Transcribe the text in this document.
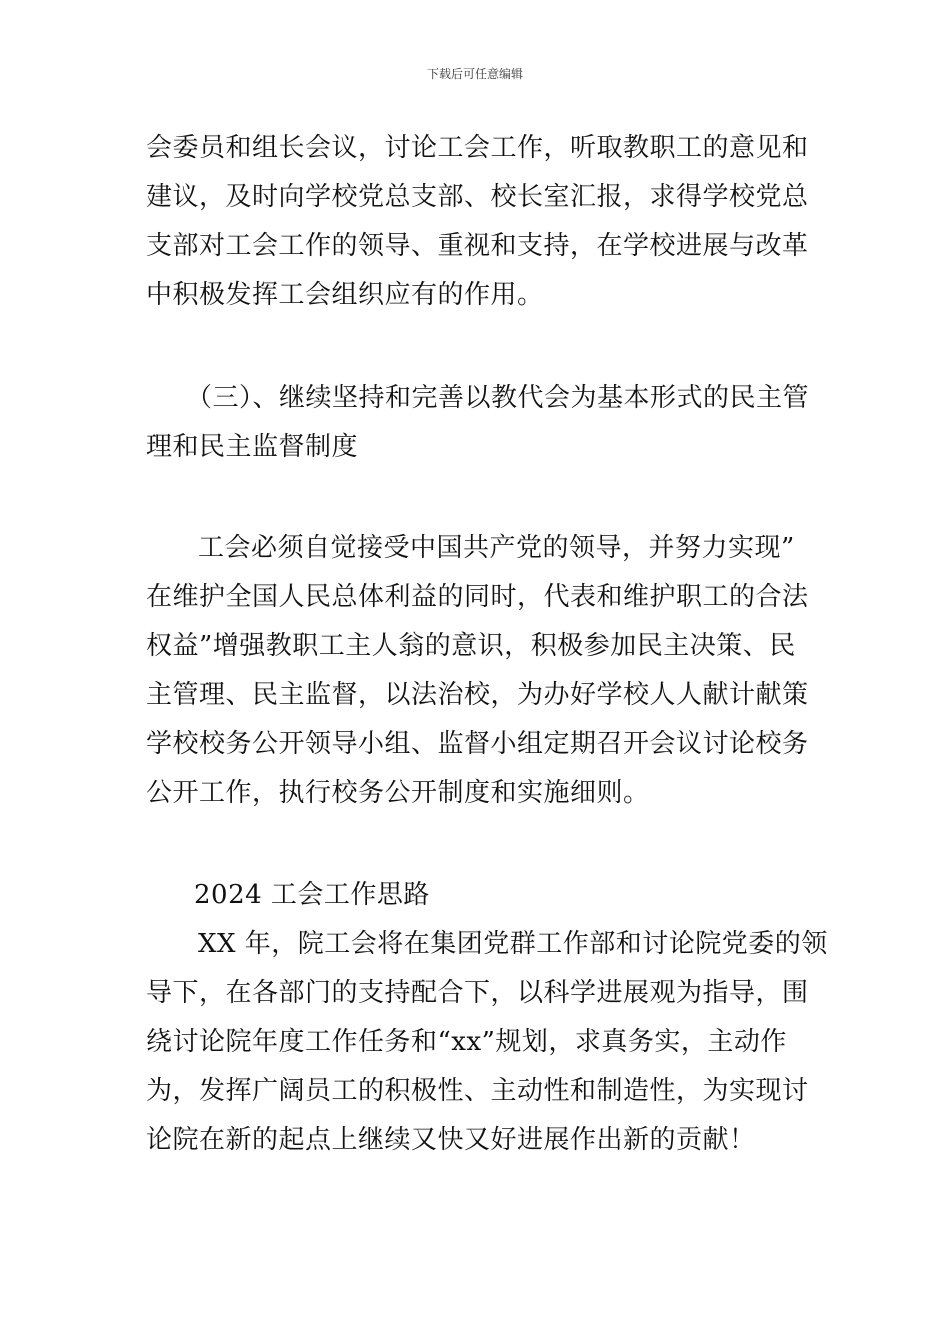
下载后可任意编辑
会委员和组长会议，讨论工会工作，听取教职工的意见和
建议，及时向学校党总支部、校长室汇报，求得学校党总
支部对工会工作的领导、重视和支持，在学校进展与改革
中积极发挥工会组织应有的作用。
（三）、继续坚持和完善以教代会为基本形式的民主管
理和民主监督制度
工会必须自觉接受中国共产党的领导，并努力实现”
在维护全国人民总体利益的同时，代表和维护职工的合法
权益”增强教职工主人翁的意识，积极参加民主决策、民
主管理、民主监督，以法治校，为办好学校人人献计献策
学校校务公开领导小组、监督小组定期召开会议讨论校务
公开工作，执行校务公开制度和实施细则。
2024 工会工作思路
XX 年，院工会将在集团党群工作部和讨论院党委的领
导下，在各部门的支持配合下，以科学进展观为指导，围
绕讨论院年度工作任务和“xx”规划，求真务实，主动作
为，发挥广阔员工的积极性、主动性和制造性，为实现讨
论院在新的起点上继续又快又好进展作出新的贡献！
